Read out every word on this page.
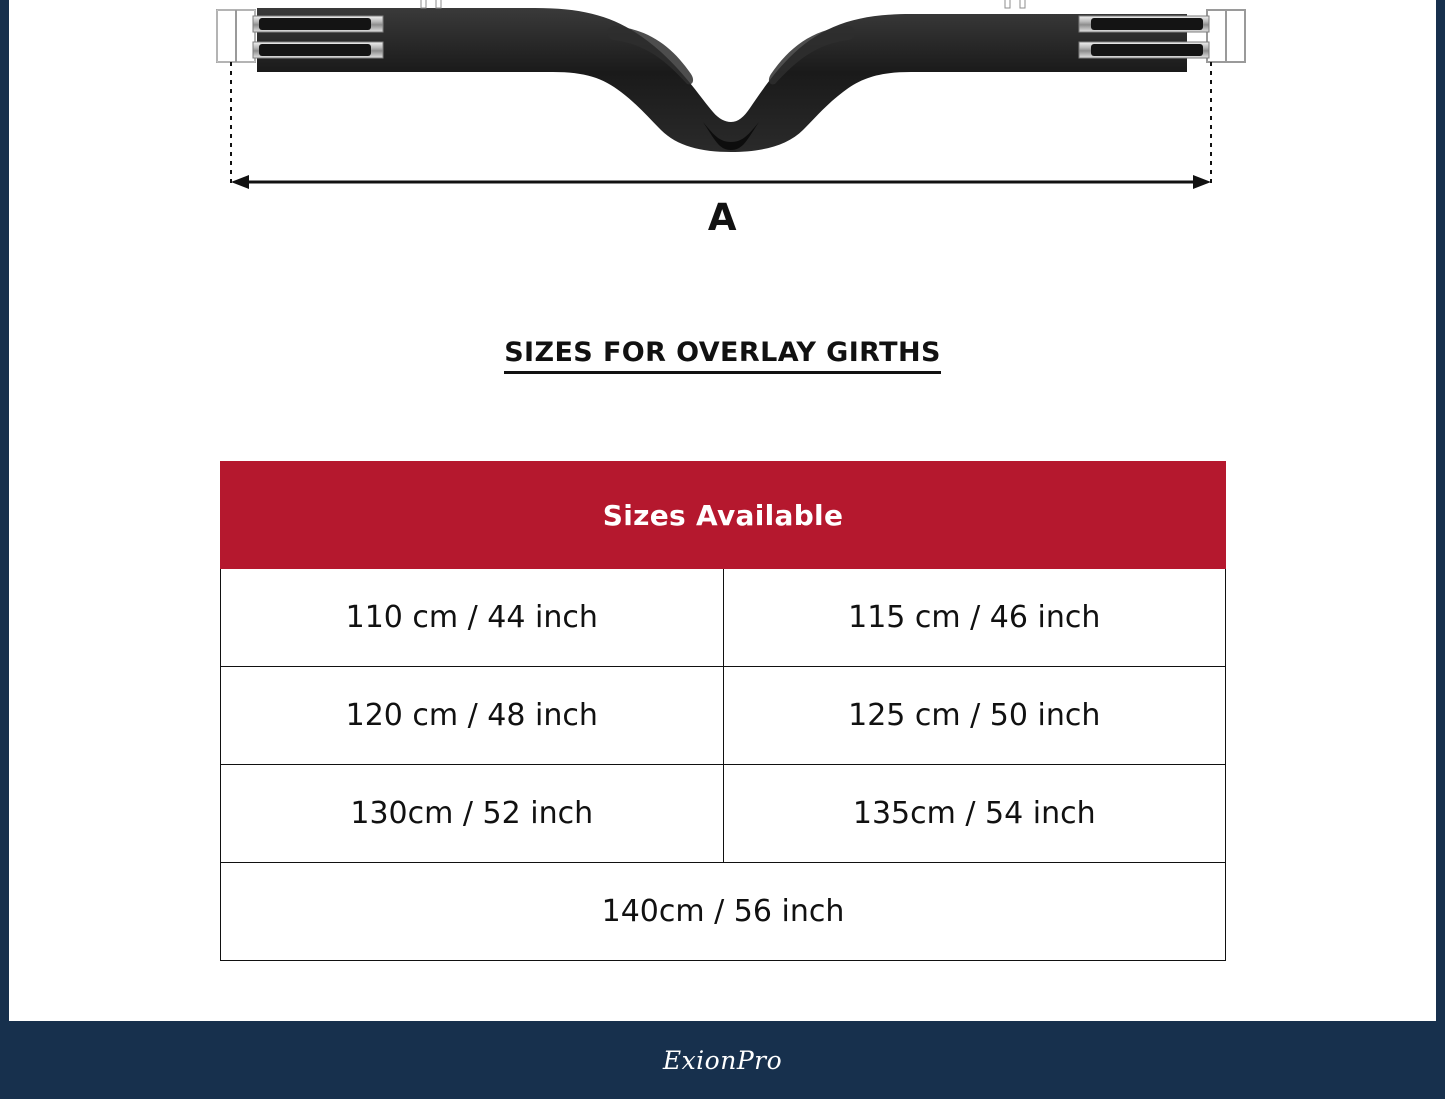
A
SIZES FOR OVERLAY GIRTHS
Sizes Available	
110 cm / 44 inch	115 cm / 46 inch
120 cm / 48 inch	125 cm / 50 inch
130cm / 52 inch	135cm / 54 inch
140cm / 56 inch	
ExionPro
